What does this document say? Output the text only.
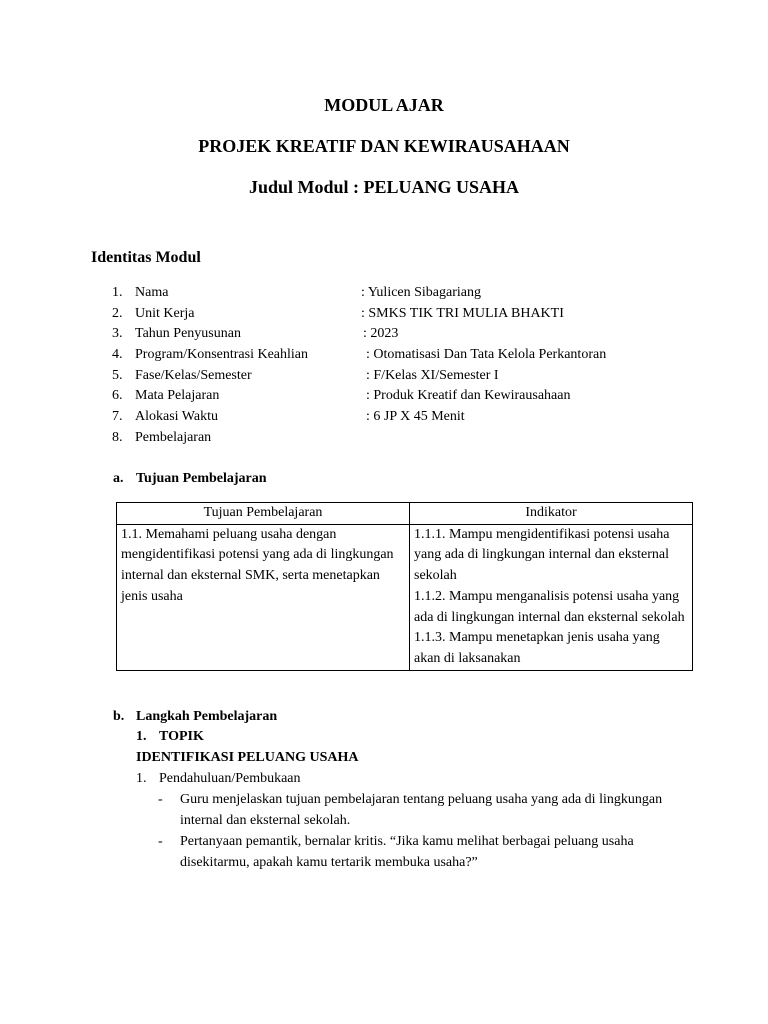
MODUL AJAR
PROJEK KREATIF DAN KEWIRAUSAHAAN
Judul Modul : PELUANG USAHA
Identitas Modul
1. Nama	: Yulicen Sibagariang
2. Unit Kerja	: SMKS TIK TRI MULIA BHAKTI
3. Tahun Penyusunan	: 2023
4. Program/Konsentrasi Keahlian	: Otomatisasi Dan Tata Kelola Perkantoran
5. Fase/Kelas/Semester	: F/Kelas XI/Semester I
6. Mata Pelajaran	: Produk Kreatif dan Kewirausahaan
7. Alokasi Waktu	: 6 JP X 45 Menit
8. Pembelajaran
a. Tujuan Pembelajaran
Tujuan Pembelajaran	Indikator
1.1. Memahami peluang usaha dengan mengidentifikasi potensi yang ada di lingkungan internal dan eksternal SMK, serta menetapkan jenis usaha	1.1.1. Mampu mengidentifikasi potensi usaha yang ada di lingkungan internal dan eksternal sekolah
1.1.2. Mampu menganalisis potensi usaha yang ada di lingkungan internal dan eksternal sekolah
1.1.3. Mampu menetapkan jenis usaha yang akan di laksanakan
b. Langkah Pembelajaran
1. TOPIK
IDENTIFIKASI PELUANG USAHA
1. Pendahuluan/Pembukaan
- Guru menjelaskan tujuan pembelajaran tentang peluang usaha yang ada di lingkungan internal dan eksternal sekolah.
- Pertanyaan pemantik, bernalar kritis. “Jika kamu melihat berbagai peluang usaha disekitarmu, apakah kamu tertarik membuka usaha?”
